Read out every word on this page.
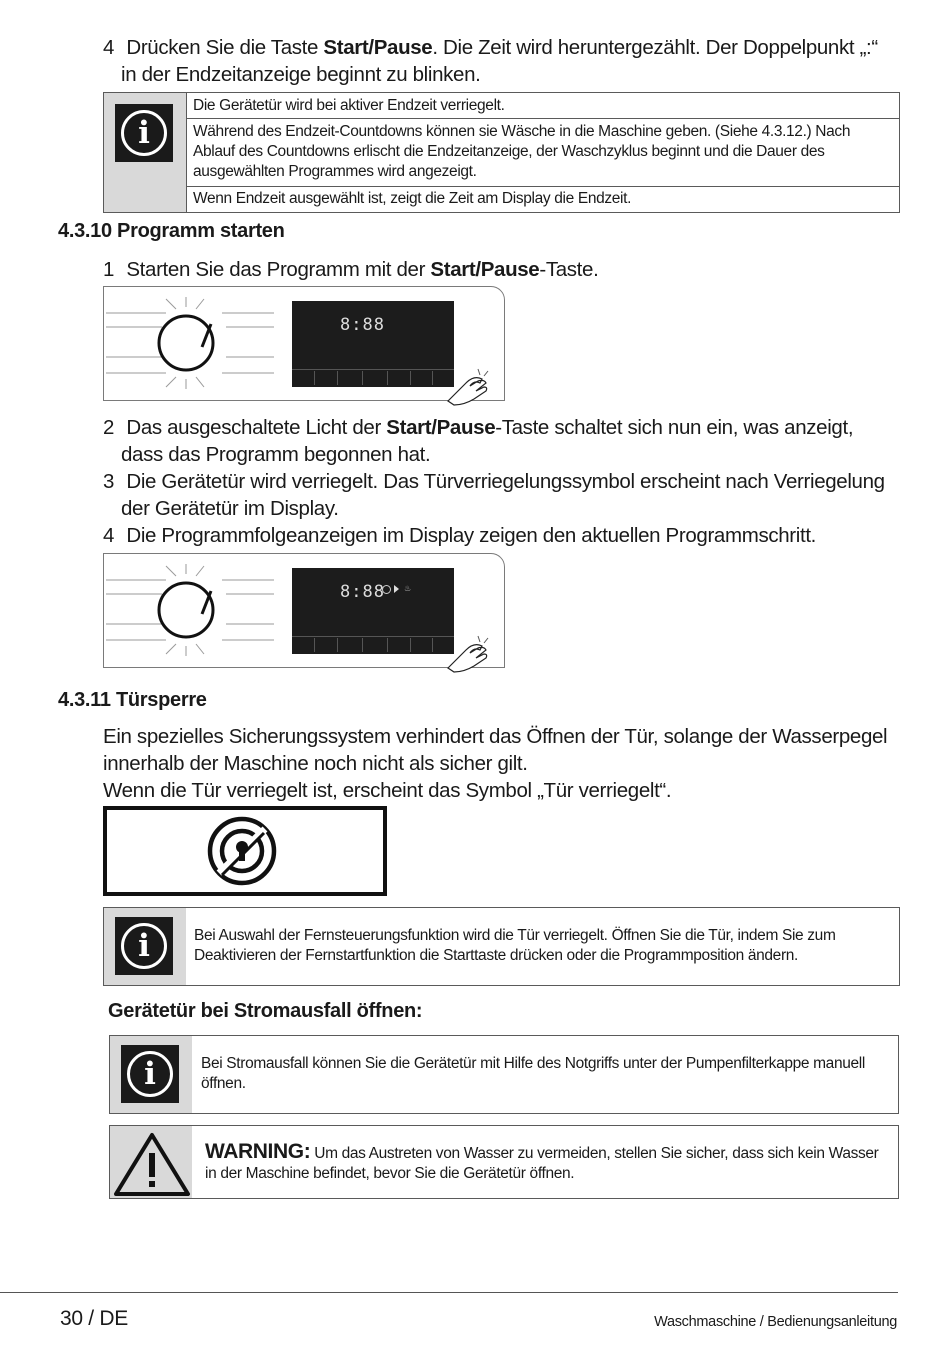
4 Drücken Sie die Taste Start/Pause. Die Zeit wird heruntergezählt. Der Doppelpunkt „:“
in der Endzeitanzeige beginnt zu blinken.
i
Die Gerätetür wird bei aktiver Endzeit verriegelt.
Während des Endzeit-Countdowns können sie Wäsche in die Maschine geben. (Siehe 4.3.12.) Nach Ablauf des Countdowns erlischt die Endzeitanzeige, der Waschzyklus beginnt und die Dauer des ausgewählten Programmes wird angezeigt.
Wenn Endzeit ausgewählt ist, zeigt die Zeit am Display die Endzeit.
4.3.10 Programm starten
1 Starten Sie das Programm mit der Start/Pause-Taste.
8:88
2 Das ausgeschaltete Licht der Start/Pause-Taste schaltet sich nun ein, was anzeigt,
dass das Programm begonnen hat.
3 Die Gerätetür wird verriegelt. Das Türverriegelungssymbol erscheint nach Verriegelung
der Gerätetür im Display.
4 Die Programmfolgeanzeigen im Display zeigen den aktuellen Programmschritt.
8:88 ♨
4.3.11 Türsperre
Ein spezielles Sicherungssystem verhindert das Öffnen der Tür, solange der Wasserpegel
innerhalb der Maschine noch nicht als sicher gilt.
Wenn die Tür verriegelt ist, erscheint das Symbol „Tür verriegelt“.
i	Bei Auswahl der Fernsteuerungsfunktion wird die Tür verriegelt. Öffnen Sie die Tür, indem Sie zum Deaktivieren der Fernstartfunktion die Starttaste drücken oder die Programmposition ändern.
Gerätetür bei Stromausfall öffnen:
i	Bei Stromausfall können Sie die Gerätetür mit Hilfe des Notgriffs unter der Pumpenfilterkappe manuell öffnen.
WARNING: Um das Austreten von Wasser zu vermeiden, stellen Sie sicher, dass sich kein Wasser in der Maschine befindet, bevor Sie die Gerätetür öffnen.
30 / DE	Waschmaschine / Bedienungsanleitung
